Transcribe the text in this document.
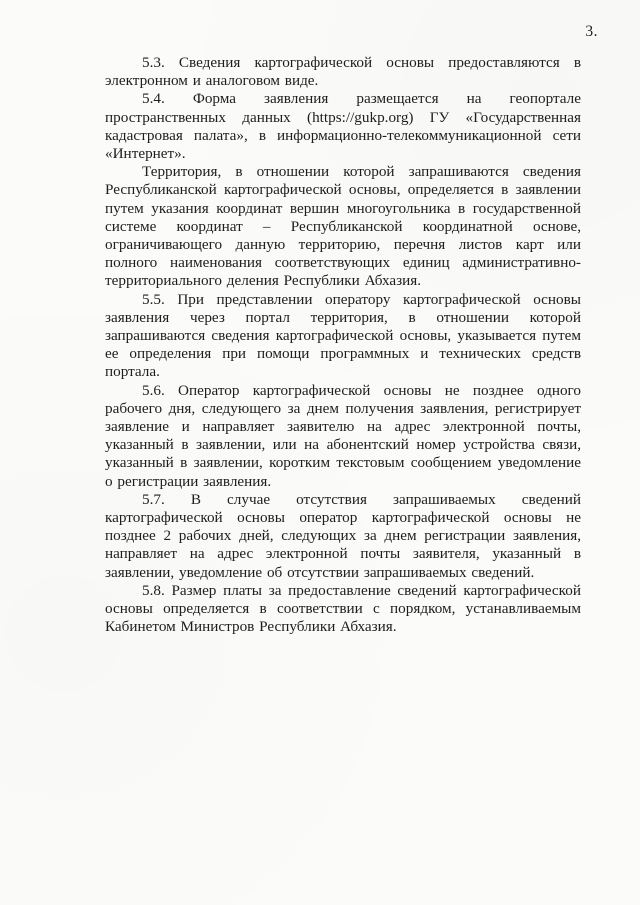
3.

5.3. Сведения картографической основы предоставляются в электронном и аналоговом виде.

5.4. Форма заявления размещается на геопортале пространственных данных (https://gukp.org) ГУ «Государственная кадастровая палата», в информационно-телекоммуникационной сети «Интернет».

Территория, в отношении которой запрашиваются сведения Республиканской картографической основы, определяется в заявлении путем указания координат вершин многоугольника в государственной системе координат – Республиканской координатной основе, ограничивающего данную территорию, перечня листов карт или полного наименования соответствующих единиц административно-территориального деления Республики Абхазия.

5.5. При представлении оператору картографической основы заявления через портал территория, в отношении которой запрашиваются сведения картографической основы, указывается путем ее определения при помощи программных и технических средств портала.

5.6. Оператор картографической основы не позднее одного рабочего дня, следующего за днем получения заявления, регистрирует заявление и направляет заявителю на адрес электронной почты, указанный в заявлении, или на абонентский номер устройства связи, указанный в заявлении, коротким текстовым сообщением уведомление о регистрации заявления.

5.7. В случае отсутствия запрашиваемых сведений картографической основы оператор картографической основы не позднее 2 рабочих дней, следующих за днем регистрации заявления, направляет на адрес электронной почты заявителя, указанный в заявлении, уведомление об отсутствии запрашиваемых сведений.

5.8. Размер платы за предоставление сведений картографической основы определяется в соответствии с порядком, устанавливаемым Кабинетом Министров Республики Абхазия.
